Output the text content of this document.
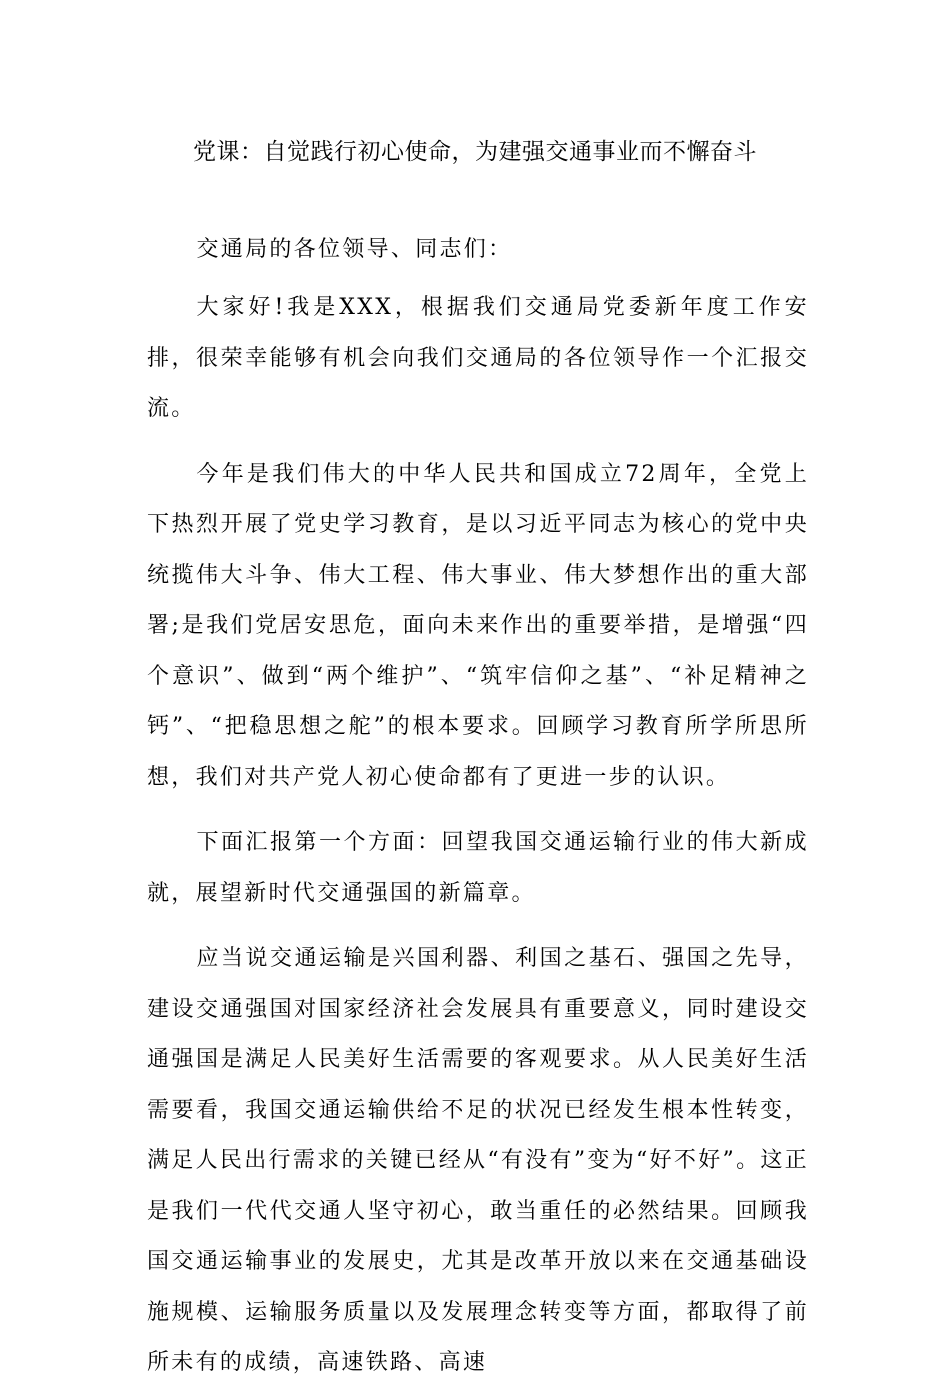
党课：自觉践行初心使命，为建强交通事业而不懈奋斗

交通局的各位领导、同志们：

大家好!我是XXX，根据我们交通局党委新年度工作安排，很荣幸能够有机会向我们交通局的各位领导作一个汇报交流。

今年是我们伟大的中华人民共和国成立72周年，全党上下热烈开展了党史学习教育，是以习近平同志为核心的党中央统揽伟大斗争、伟大工程、伟大事业、伟大梦想作出的重大部署;是我们党居安思危，面向未来作出的重要举措，是增强“四个意识”、做到“两个维护”、“筑牢信仰之基”、“补足精神之钙”、“把稳思想之舵”的根本要求。回顾学习教育所学所思所想，我们对共产党人初心使命都有了更进一步的认识。

下面汇报第一个方面：回望我国交通运输行业的伟大新成就，展望新时代交通强国的新篇章。

应当说交通运输是兴国利器、利国之基石、强国之先导，建设交通强国对国家经济社会发展具有重要意义，同时建设交通强国是满足人民美好生活需要的客观要求。从人民美好生活需要看，我国交通运输供给不足的状况已经发生根本性转变，满足人民出行需求的关键已经从“有没有”变为“好不好”。这正是我们一代代交通人坚守初心，敢当重任的必然结果。回顾我国交通运输事业的发展史，尤其是改革开放以来在交通基础设施规模、运输服务质量以及发展理念转变等方面，都取得了前所未有的成绩，高速铁路、高速
